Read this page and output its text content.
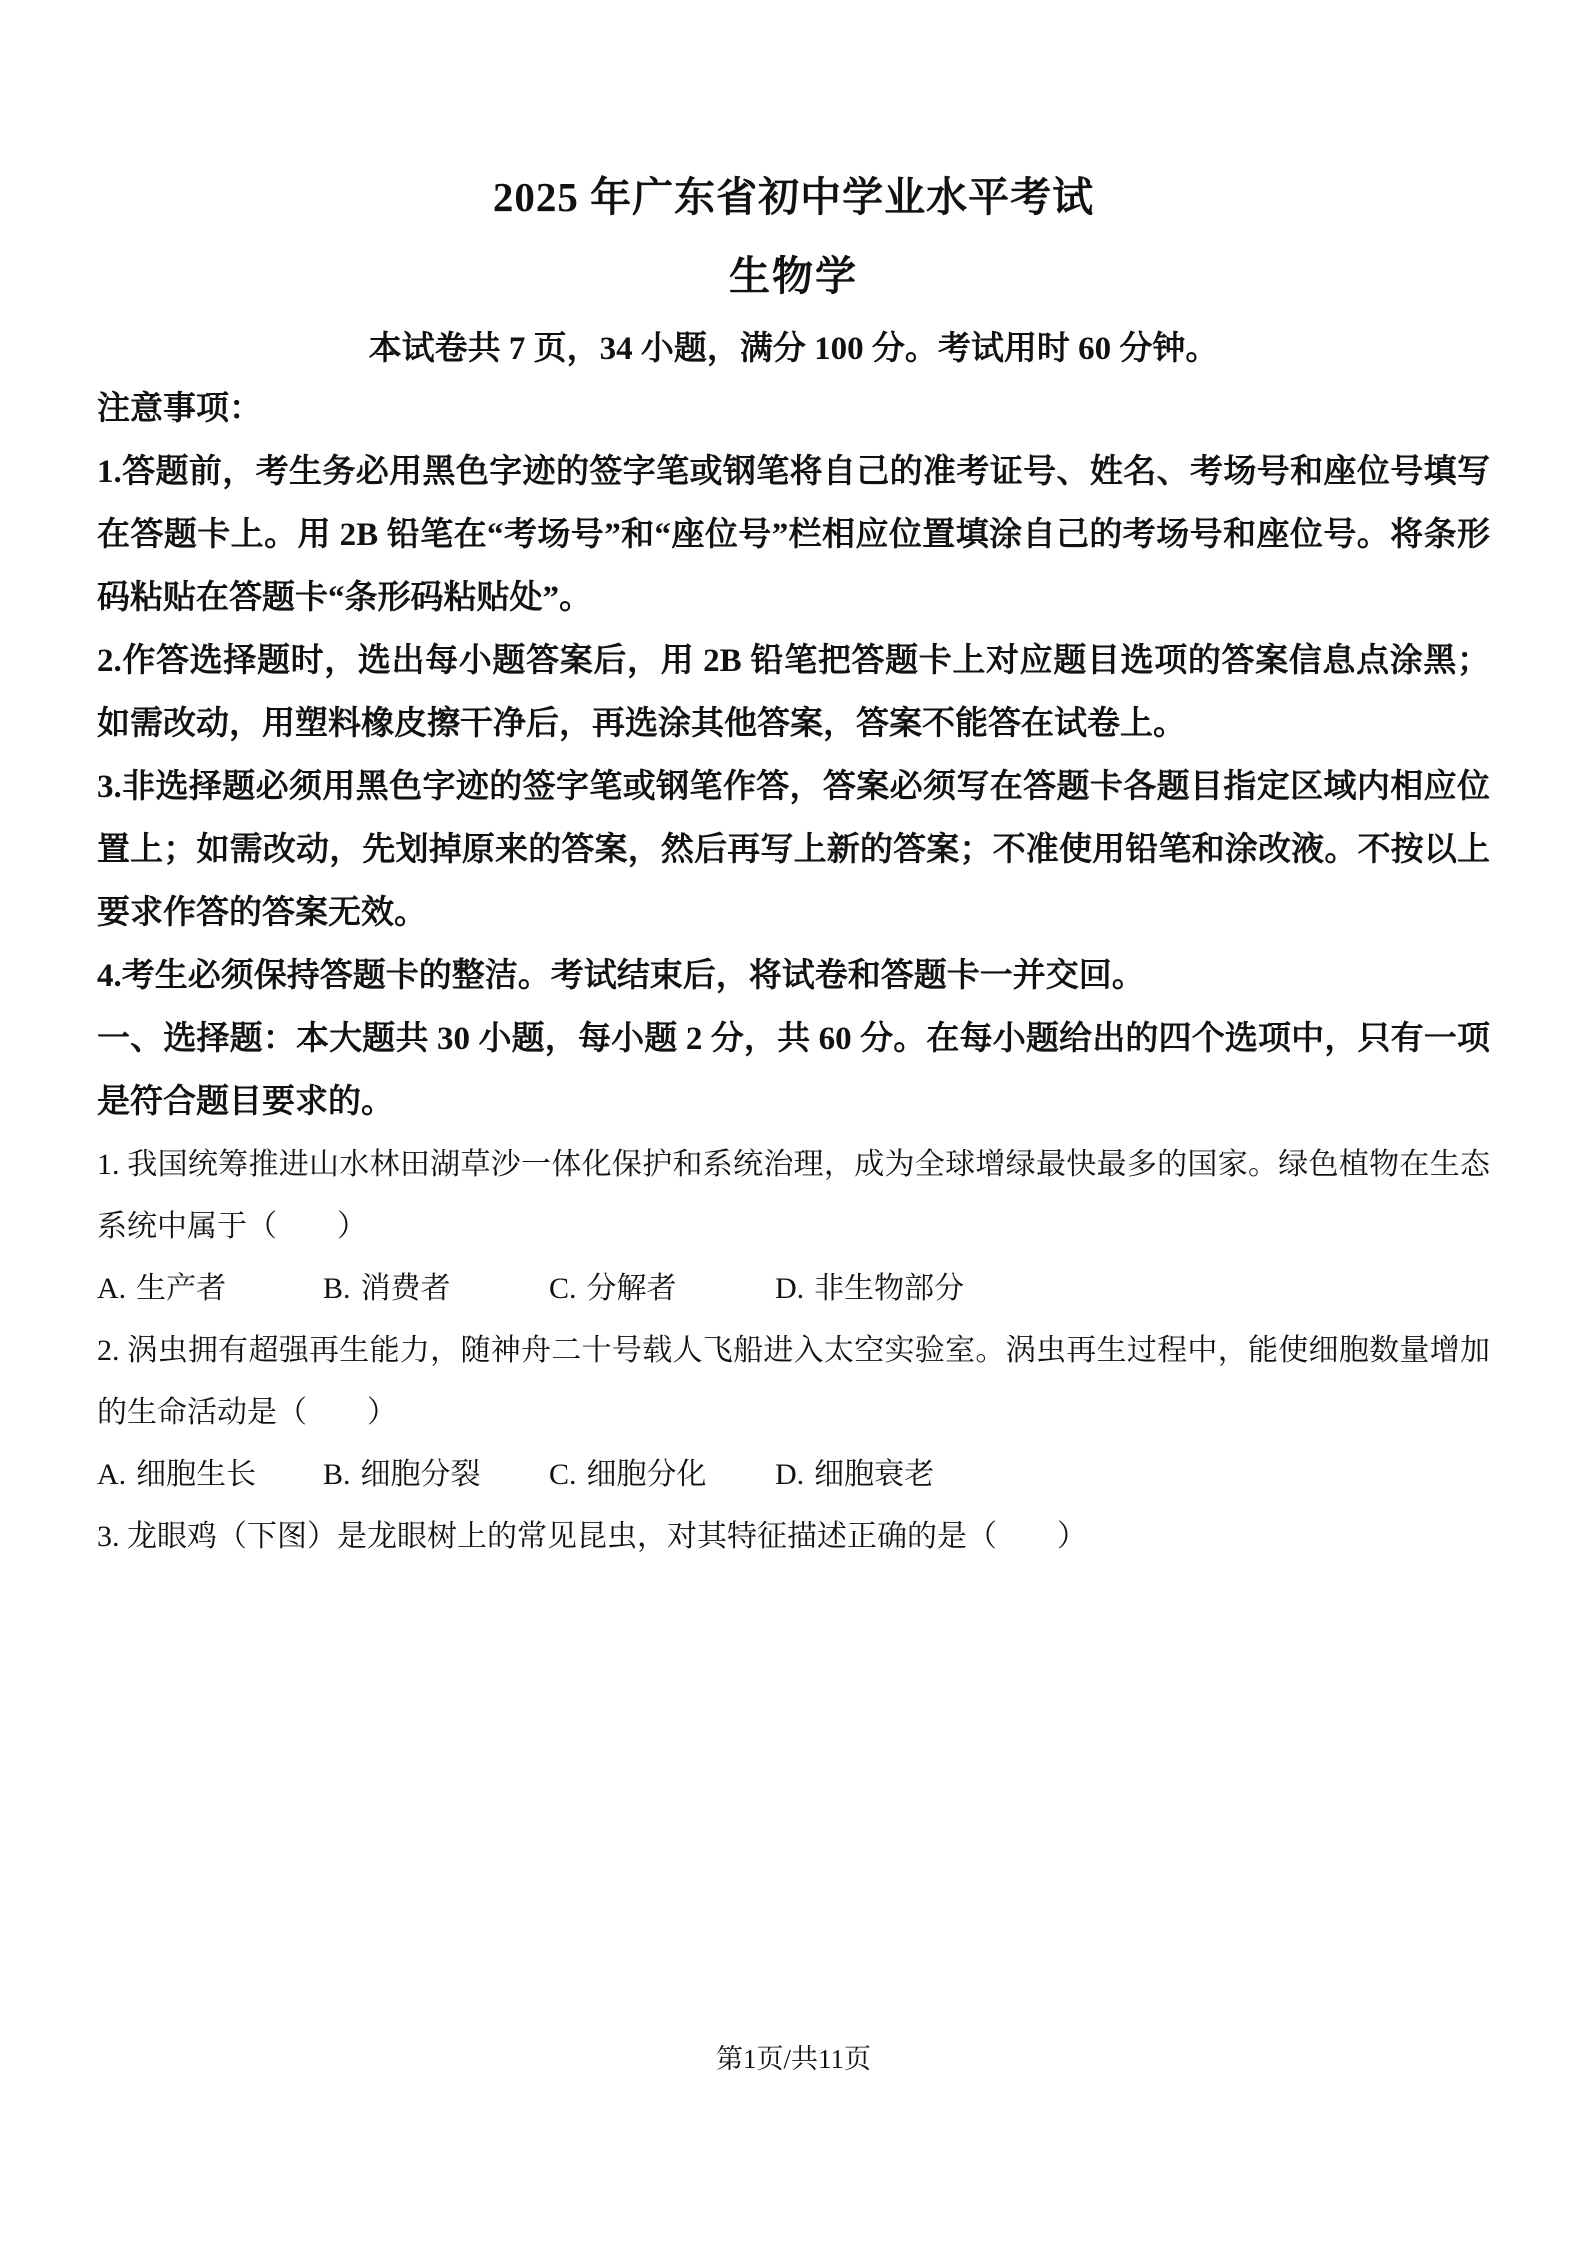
2025 年广东省初中学业水平考试
生物学
本试卷共 7 页，34 小题，满分 100 分。考试用时 60 分钟。
注意事项：

1.答题前，考生务必用黑色字迹的签字笔或钢笔将自己的准考证号、姓名、考场号和座位号填写在答题卡上。用 2B 铅笔在“考场号”和“座位号”栏相应位置填涂自己的考场号和座位号。将条形码粘贴在答题卡“条形码粘贴处”。

2.作答选择题时，选出每小题答案后，用 2B 铅笔把答题卡上对应题目选项的答案信息点涂黑；如需改动，用塑料橡皮擦干净后，再选涂其他答案，答案不能答在试卷上。

3.非选择题必须用黑色字迹的签字笔或钢笔作答，答案必须写在答题卡各题目指定区域内相应位置上；如需改动，先划掉原来的答案，然后再写上新的答案；不准使用铅笔和涂改液。不按以上要求作答的答案无效。

4.考生必须保持答题卡的整洁。考试结束后，将试卷和答题卡一并交回。

一、选择题：本大题共 30 小题，每小题 2 分，共 60 分。在每小题给出的四个选项中，只有一项是符合题目要求的。

1. 我国统筹推进山水林田湖草沙一体化保护和系统治理，成为全球增绿最快最多的国家。绿色植物在生态系统中属于（　　）

A. 生产者	B. 消费者	C. 分解者	D. 非生物部分

2. 涡虫拥有超强再生能力，随神舟二十号载人飞船进入太空实验室。涡虫再生过程中，能使细胞数量增加的生命活动是（　　）

A. 细胞生长	B. 细胞分裂	C. 细胞分化	D. 细胞衰老

3. 龙眼鸡（下图）是龙眼树上的常见昆虫，对其特征描述正确的是（　　）

第1页/共11页
